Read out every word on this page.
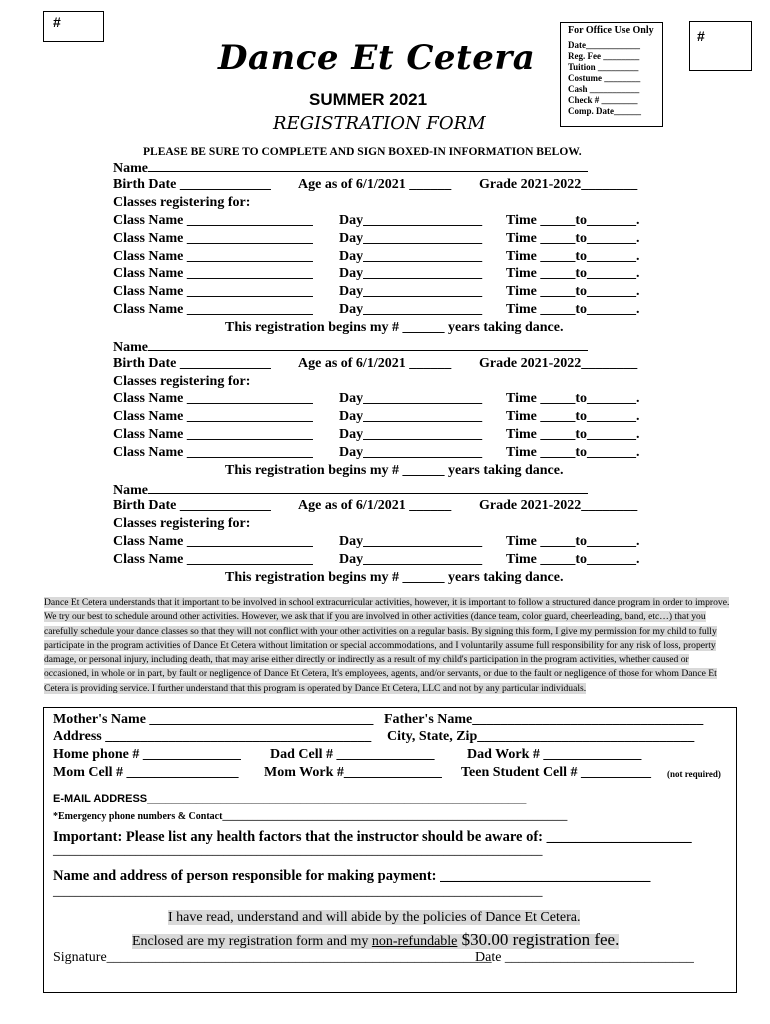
#
#
Dance Et Cetera
SUMMER 2021
REGISTRATION FORM
For Office Use Only
Date____________
Reg. Fee ________
Tuition _________
Costume ________
Cash ___________
Check # ________
Comp. Date______
PLEASE BE SURE TO COMPLETE AND SIGN BOXED-IN INFORMATION BELOW.
Name
Birth Date _____________ Age as of 6/1/2021 ______ Grade 2021-2022________
Classes registering for:
Class Name __________________ Day_________________ Time _____to_______.
Class Name __________________ Day_________________ Time _____to_______.
Class Name __________________ Day_________________ Time _____to_______.
Class Name __________________ Day_________________ Time _____to_______.
Class Name __________________ Day_________________ Time _____to_______.
Class Name __________________ Day_________________ Time _____to_______.
This registration begins my # ______ years taking dance.
Name
Birth Date _____________ Age as of 6/1/2021 ______ Grade 2021-2022________
Classes registering for:
Class Name __________________ Day_________________ Time _____to_______.
Class Name __________________ Day_________________ Time _____to_______.
Class Name __________________ Day_________________ Time _____to_______.
Class Name __________________ Day_________________ Time _____to_______.
This registration begins my # ______ years taking dance.
Name
Birth Date _____________ Age as of 6/1/2021 ______ Grade 2021-2022________
Classes registering for:
Class Name __________________ Day_________________ Time _____to_______.
Class Name __________________ Day_________________ Time _____to_______.
This registration begins my # ______ years taking dance.
Dance Et Cetera understands that it important to be involved in school extracurricular activities, however, it is important to follow a structured dance program in order to improve. We try our best to schedule around other activities. However, we ask that if you are involved in other activities (dance team, color guard, cheerleading, band, etc…) that you carefully schedule your dance classes so that they will not conflict with your other activities on a regular basis. By signing this form, I give my permission for my child to fully participate in the program activities of Dance Et Cetera without limitation or special accommodations, and I voluntarily assume full responsibility for any risk of loss, property damage, or personal injury, including death, that may arise either directly or indirectly as a result of my child's participation in the program activities, whether caused or occasioned, in whole or in part, by fault or negligence of Dance Et Cetera, It's employees, agents, and/or servants, or due to the fault or negligence of those for whom Dance Et Cetera is providing service. I further understand that this program is operated by Dance Et Cetera, LLC and not by any particular individuals.
Mother's Name ________________________________ Father's Name_________________________________
Address ______________________________________ City, State, Zip_______________________________
Home phone # ______________ Dad Cell # ______________ Dad Work # ______________
Mom Cell # ________________ Mom Work #______________ Teen Student Cell # __________ (not required)
E-MAIL ADDRESS______________________________________________________________
*Emergency phone numbers & Contact_____________________________________________________________________
Important: Please list any health factors that the instructor should be aware of: ____________________
_________________________________________________________________________________________
Name and address of person responsible for making payment: _____________________________
_________________________________________________________________________________________
I have read, understand and will abide by the policies of Dance Et Cetera.
Enclosed are my registration form and my non-refundable $30.00 registration fee.
Signature_______________________________________________________
Date ___________________________
